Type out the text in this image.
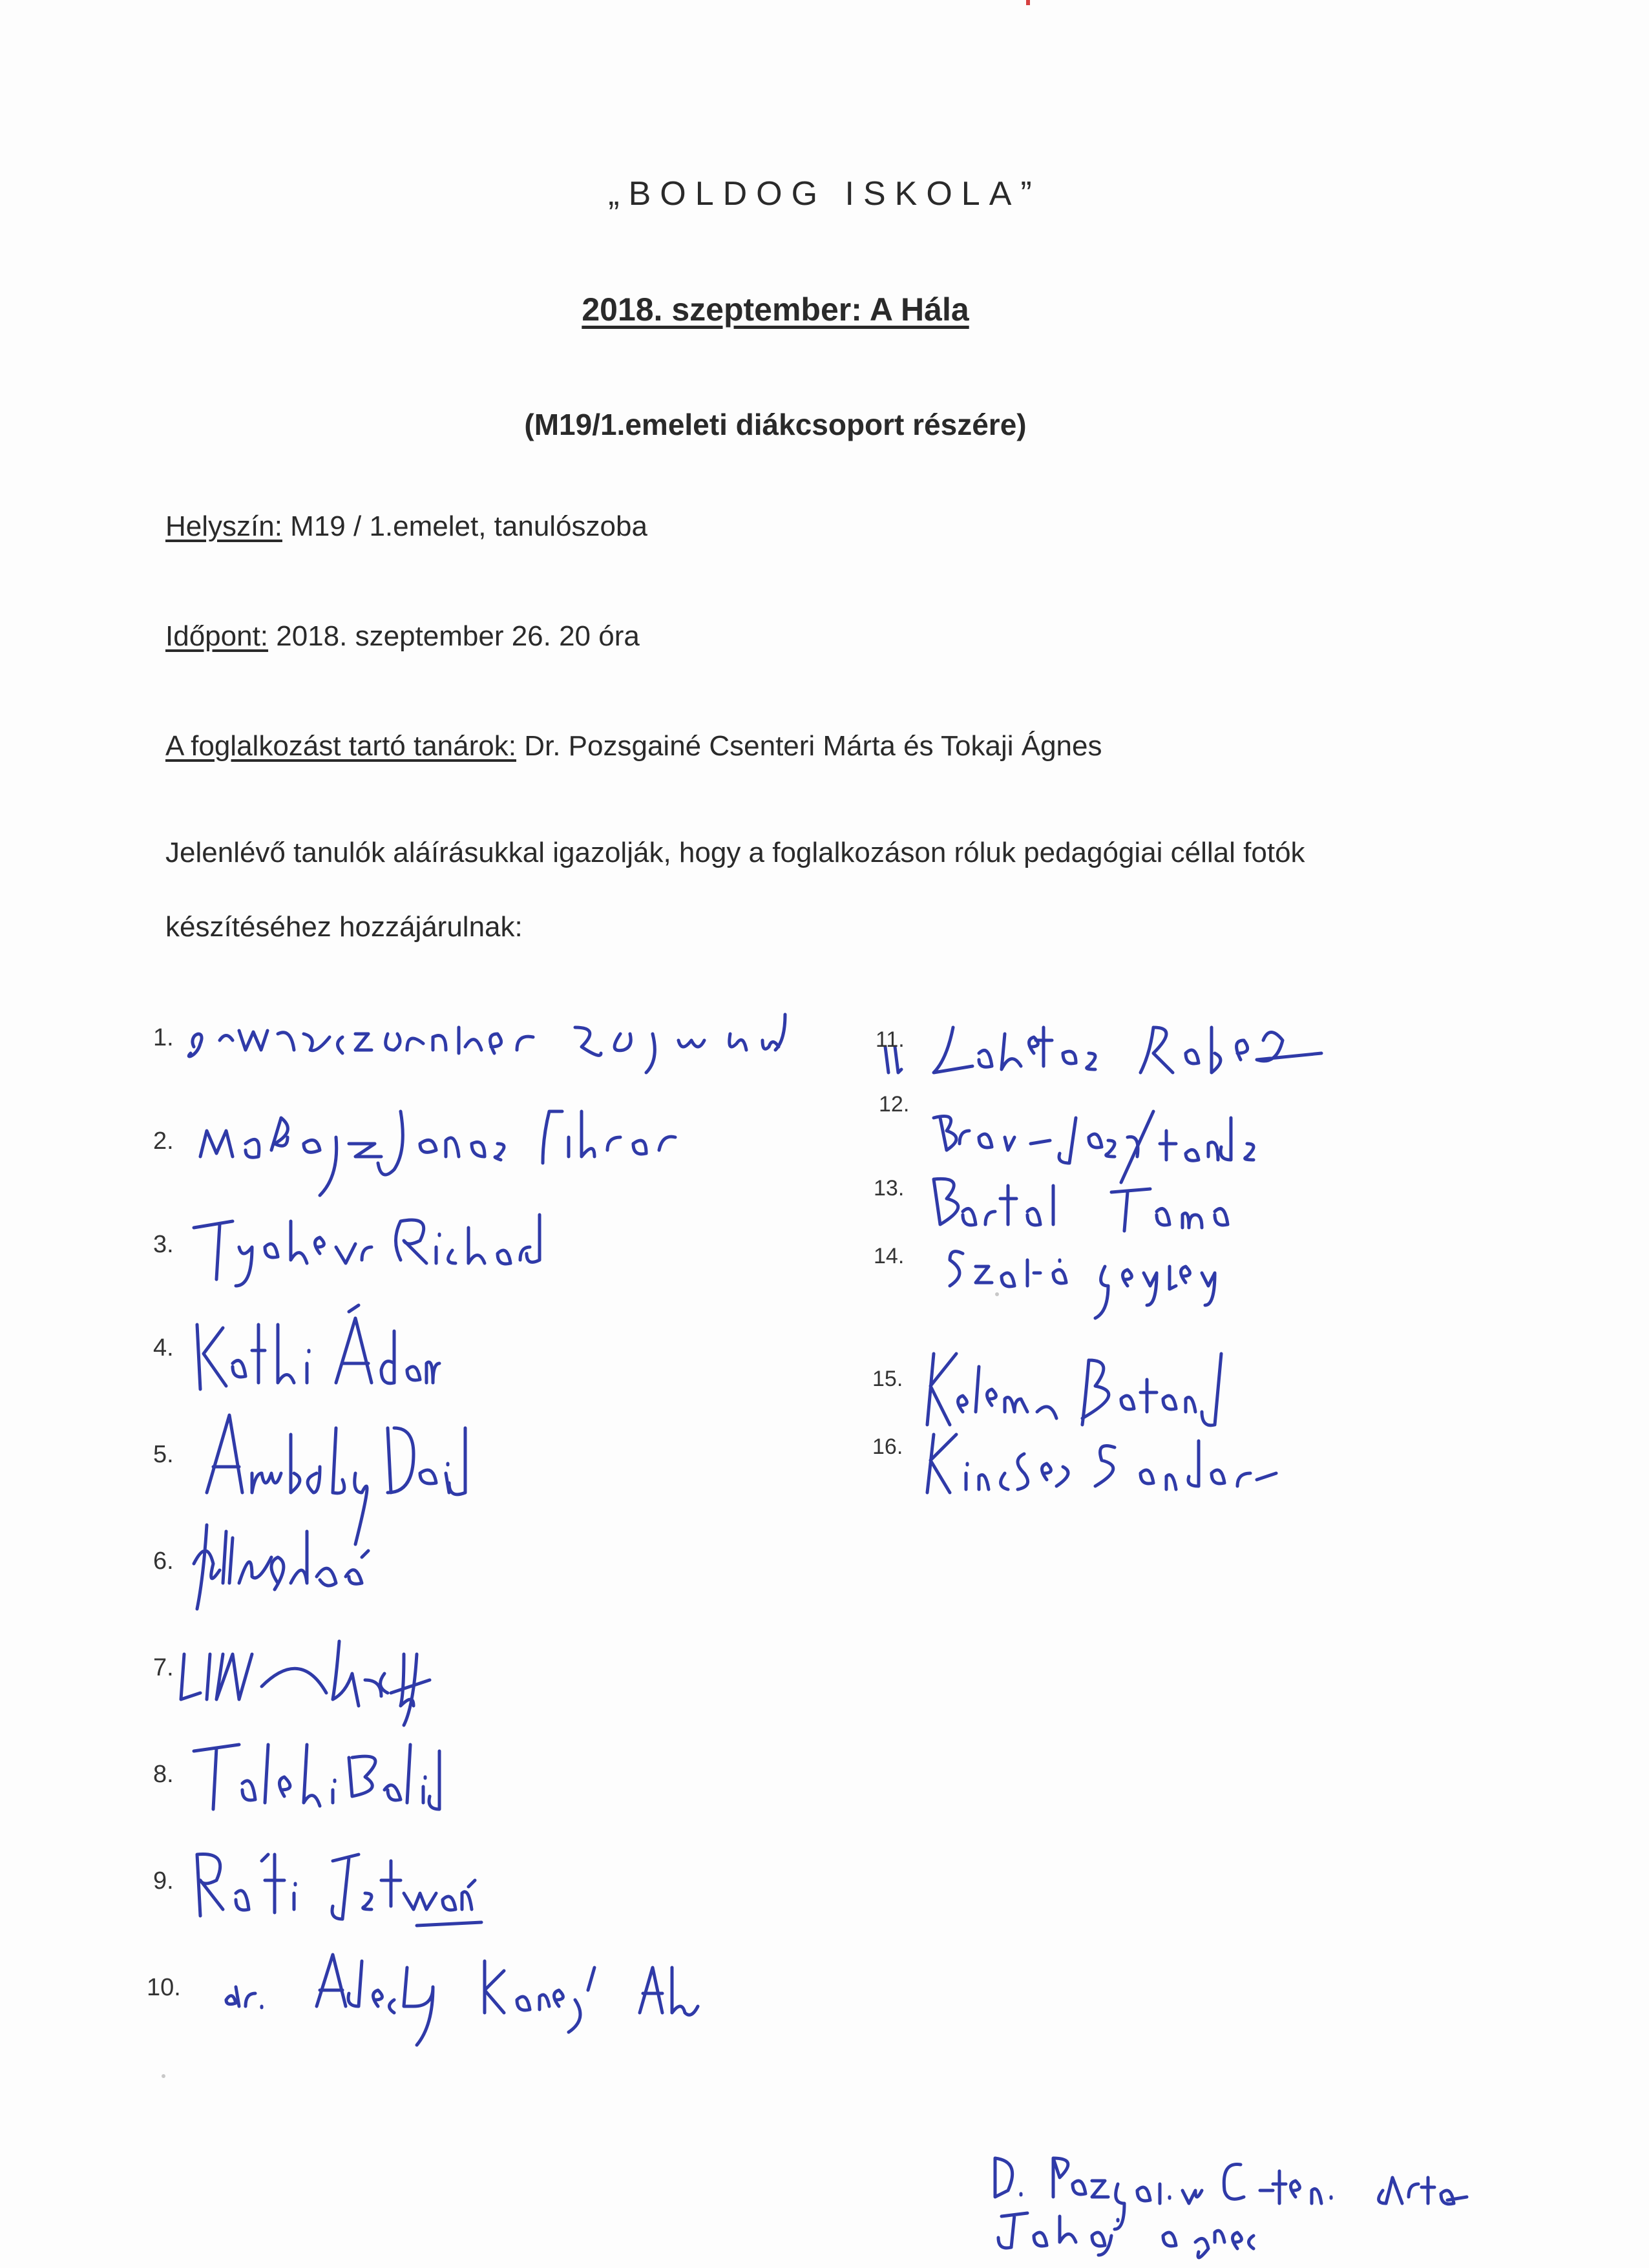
„BOLDOG ISKOLA”
2018. szeptember: A Hála
(M19/1.emeleti diákcsoport részére)
Helyszín: M19 / 1.emelet, tanulószoba
Időpont: 2018. szeptember 26. 20 óra
A foglalkozást tartó tanárok: Dr. Pozsgainé Csenteri Márta és Tokaji Ágnes
Jelenlévő tanulók aláírásukkal igazolják, hogy a foglalkozáson róluk pedagógiai céllal fotók
készítéséhez hozzájárulnak:
1.
2.
3.
4.
5.
6.
7.
8.
9.
10.
11.
12.
13.
14.
15.
16.
